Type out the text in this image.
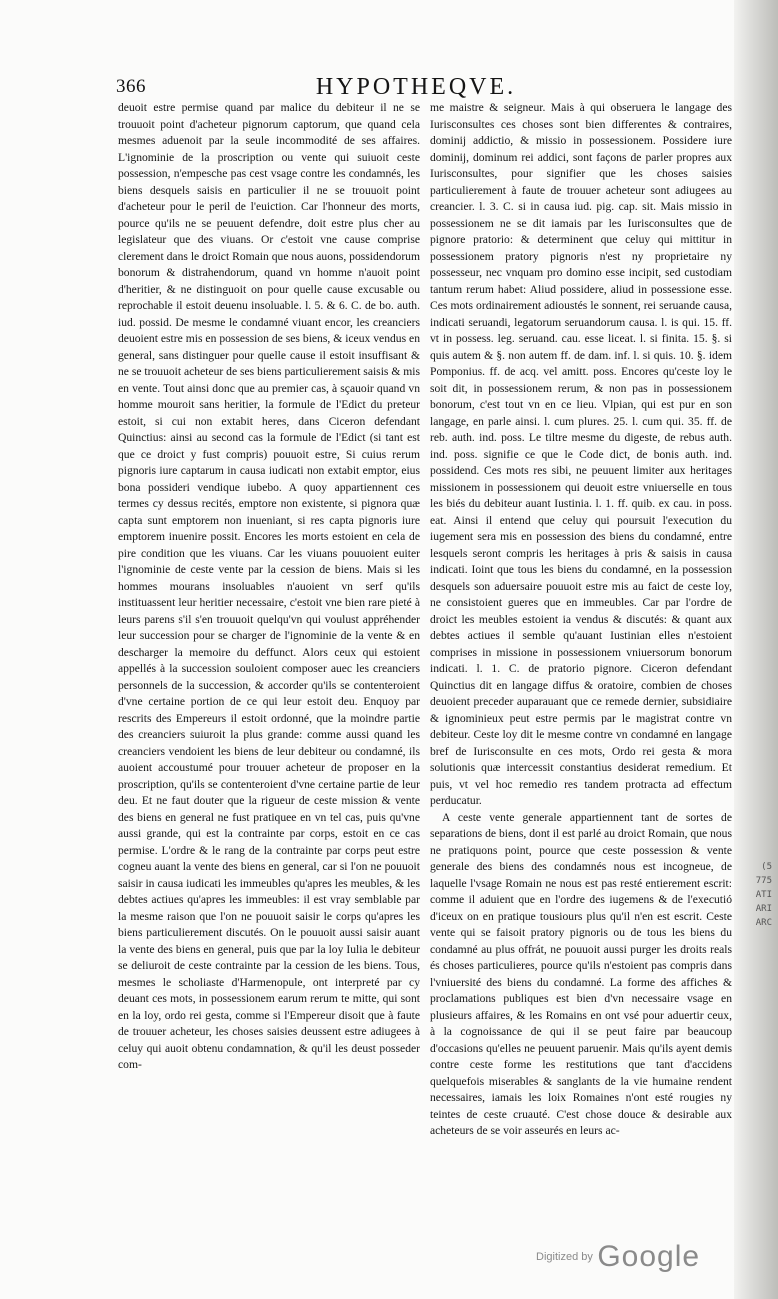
366	HYPOTHEQVE.

deuoit estre permise quand par malice du debiteur il ne se trouuoit point d'acheteur pignorum captorum, que quand cela mesmes aduenoit par la seule incommodité de ses affaires. L'ignominie de la proscription ou vente qui suiuoit ceste possession, n'empesche pas cest vsage contre les condamnés, les biens desquels saisis en particulier il ne se trouuoit point d'acheteur pour le peril de l'euiction. Car l'honneur des morts, pource qu'ils ne se peuuent defendre, doit estre plus cher au legislateur que des viuans. Or c'estoit vne cause comprise clerement dans le droict Romain que nous auons, possidendorum bonorum & distrahendorum, quand vn homme n'auoit point d'heritier, & ne distinguoit on pour quelle cause excusable ou reprochable il estoit deuenu insoluable. l. 5. & 6. C. de bo. auth. iud. possid. De mesme le condamné viuant encor, les creanciers deuoient estre mis en possession de ses biens, & iceux vendus en general, sans distinguer pour quelle cause il estoit insuffisant & ne se trouuoit acheteur de ses biens particulierement saisis & mis en vente. Tout ainsi donc que au premier cas, à sçauoir quand vn homme mouroit sans heritier, la formule de l'Edict du preteur estoit, si cui non extabit heres, dans Ciceron defendant Quinctius: ainsi au second cas la formule de l'Edict (si tant est que ce droict y fust compris) pouuoit estre, Si cuius rerum pignoris iure captarum in causa iudicati non extabit emptor, eius bona possideri vendique iubebo. A quoy appartiennent ces termes cy dessus recités, emptore non existente, si pignora quæ capta sunt emptorem non inueniant, si res capta pignoris iure emptorem inuenire possit. Encores les morts estoient en cela de pire condition que les viuans. Car les viuans pouuoient euiter l'ignominie de ceste vente par la cession de biens. Mais si les hommes mourans insoluables n'auoient vn serf qu'ils instituassent leur heritier necessaire, c'estoit vne bien rare pieté à leurs parens s'il s'en trouuoit quelqu'vn qui voulust appréhender leur succession pour se charger de l'ignominie de la vente & en descharger la memoire du deffunct. Alors ceux qui estoient appellés à la succession souloient composer auec les creanciers personnels de la succession, & accorder qu'ils se contenteroient d'vne certaine portion de ce qui leur estoit deu. Enquoy par rescrits des Empereurs il estoit ordonné, que la moindre partie des creanciers suiuroit la plus grande: comme aussi quand les creanciers vendoient les biens de leur debiteur ou condamné, ils auoient accoustumé pour trouuer acheteur de proposer en la proscription, qu'ils se contenteroient d'vne certaine partie de leur deu. Et ne faut douter que la rigueur de ceste mission & vente des biens en general ne fust pratiquee en vn tel cas, puis qu'vne aussi grande, qui est la contrainte par corps, estoit en ce cas permise. L'ordre & le rang de la contrainte par corps peut estre cogneu auant la vente des biens en general, car si l'on ne pouuoit saisir in causa iudicati les immeubles qu'apres les meubles, & les debtes actiues qu'apres les immeubles: il est vray semblable par la mesme raison que l'on ne pouuoit saisir le corps qu'apres les biens particulierement discutés. On le pouuoit aussi saisir auant la vente des biens en general, puis que par la loy Iulia le debiteur se deliuroit de ceste contrainte par la cession de les biens. Tous, mesmes le scholiaste d'Harmenopule, ont interpreté par cy deuant ces mots, in possessionem earum rerum te mitte, qui sont en la loy, ordo rei gesta, comme si l'Empereur disoit que à faute de trouuer acheteur, les choses saisies deussent estre adiugees à celuy qui auoit obtenu condamnation, & qu'il les deust posseder com-

me maistre & seigneur. Mais à qui obseruera le langage des Iurisconsultes ces choses sont bien differentes & contraires, dominij addictio, & missio in possessionem. Possidere iure dominij, dominum rei addici, sont façons de parler propres aux Iurisconsultes, pour signifier que les choses saisies particulierement à faute de trouuer acheteur sont adiugees au creancier. l. 3. C. si in causa iud. pig. cap. sit. Mais missio in possessionem ne se dit iamais par les Iurisconsultes que de pignore pratorio: & determinent que celuy qui mittitur in possessionem pratory pignoris n'est ny proprietaire ny possesseur, nec vnquam pro domino esse incipit, sed custodiam tantum rerum habet: Aliud possidere, aliud in possessione esse. Ces mots ordinairement adioustés le sonnent, rei seruande causa, indicati seruandi, legatorum seruandorum causa. l. is qui. 15. ff. vt in possess. leg. seruand. cau. esse liceat. l. si finita. 15. §. si quis autem & §. non autem ff. de dam. inf. l. si quis. 10. §. idem Pomponius. ff. de acq. vel amitt. poss. Encores qu'ceste loy le soit dit, in possessionem rerum, & non pas in possessionem bonorum, c'est tout vn en ce lieu. Vlpian, qui est pur en son langage, en parle ainsi. l. cum plures. 25. l. cum qui. 35. ff. de reb. auth. ind. poss. Le tiltre mesme du digeste, de rebus auth. ind. poss. signifie ce que le Code dict, de bonis auth. ind. possidend. Ces mots res sibi, ne peuuent limiter aux heritages missionem in possessionem qui deuoit estre vniuerselle en tous les biés du debiteur auant Iustinia. l. 1. ff. quib. ex cau. in poss. eat. Ainsi il entend que celuy qui poursuit l'execution du iugement sera mis en possession des biens du condamné, entre lesquels seront compris les heritages à pris & saisis in causa indicati. Ioint que tous les biens du condamné, en la possession desquels son aduersaire pouuoit estre mis au faict de ceste loy, ne consistoient gueres que en immeubles. Car par l'ordre de droict les meubles estoient ia vendus & discutés: & quant aux debtes actiues il semble qu'auant Iustinian elles n'estoient comprises in missione in possessionem vniuersorum bonorum indicati. l. 1. C. de pratorio pignore. Ciceron defendant Quinctius dit en langage diffus & oratoire, combien de choses deuoient preceder auparauant que ce remede dernier, subsidiaire & ignominieux peut estre permis par le magistrat contre vn debiteur. Ceste loy dit le mesme contre vn condamné en langage bref de Iurisconsulte en ces mots, Ordo rei gesta & mora solutionis quæ intercessit constantius desiderat remedium. Et puis, vt vel hoc remedio res tandem protracta ad effectum perducatur.

A ceste vente generale appartiennent tant de sortes de separations de biens, dont il est parlé au droict Romain, que nous ne pratiquons point, pource que ceste possession & vente generale des biens des condamnés nous est incogneue, de laquelle l'vsage Romain ne nous est pas resté entierement escrit: comme il aduient que en l'ordre des iugemens & de l'executió d'iceux on en pratique tousiours plus qu'il n'en est escrit. Ceste vente qui se faisoit pratory pignoris ou de tous les biens du condamné au plus offrát, ne pouuoit aussi purger les droits reals és choses particulieres, pource qu'ils n'estoient pas compris dans l'vniuersité des biens du condamné. La forme des affiches & proclamations publiques est bien d'vn necessaire vsage en plusieurs affaires, & les Romains en ont vsé pour aduertir ceux, à la cognoissance de qui il se peut faire par beaucoup d'occasions qu'elles ne peuuent paruenir. Mais qu'ils ayent demis contre ceste forme les restitutions que tant d'accidens quelquefois miserables & sanglants de la vie humaine rendent necessaires, iamais les loix Romaines n'ont esté rougies ny teintes de ceste cruauté. C'est chose douce & desirable aux acheteurs de se voir asseurés en leurs ac-

(5
775
ATI
ARI
ARC
Digitized by Google
